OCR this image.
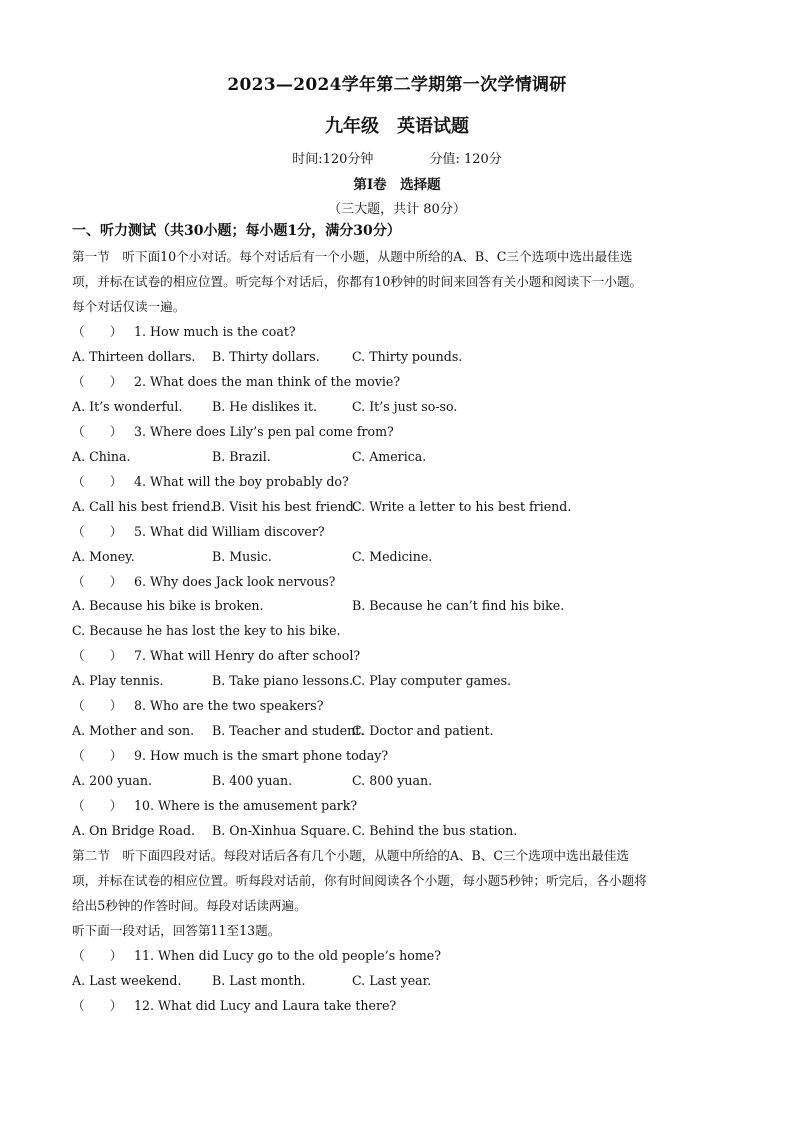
2023—2024学年第二学期第一次学情调研
九年级　英语试题
时间:120分钟	分值: 120分
第Ⅰ卷　选择题
（三大题，共计 80分）
一、听力测试（共30小题；每小题1分，满分30分）
第一节　听下面10个小对话。每个对话后有一个小题，从题中所给的A、B、C三个选项中选出最佳选
项，并标在试卷的相应位置。听完每个对话后，你都有10秒钟的时间来回答有关小题和阅读下一小题。
每个对话仅读一遍。
（　　） 1. How much is the coat?
A. Thirteen dollars. B. Thirty dollars.	C. Thirty pounds.
（　　） 2. What does the man think of the movie?
A. It’s wonderful. B. He dislikes it.	C. It’s just so-so.
（　　） 3. Where does Lily’s pen pal come from?
A. China.	B. Brazil.	C. America.
（　　） 4. What will the boy probably do?
A. Call his best friend.
B. Visit his best friend.
C. Write a letter to his best friend.
（　　） 5. What did William discover?
A. Money.	B. Music.	C. Medicine.
（　　） 6. Why does Jack look nervous?
A. Because his bike is broken.	B. Because he can’t find his bike.
C. Because he has lost the key to his bike.
（　　） 7. What will Henry do after school?
A. Play tennis.	B. Take piano lessons.
C. Play computer games.
（　　） 8. Who are the two speakers?
A. Mother and son. B. Teacher and student.
C. Doctor and patient.
（　　） 9. How much is the smart phone today?
A. 200 yuan.	B. 400 yuan.	C. 800 yuan.
（　　） 10. Where is the amusement park?
A. On Bridge Road. B. On-Xinhua Square. C. Behind the bus station.
第二节　听下面四段对话。每段对话后各有几个小题，从题中所给的A、B、C三个选项中选出最佳选
项，并标在试卷的相应位置。听每段对话前，你有时间阅读各个小题，每小题5秒钟；听完后，各小题将
给出5秒钟的作答时间。每段对话读两遍。
听下面一段对话，回答第11至13题。
（　　） 11. When did Lucy go to the old people’s home?
A. Last weekend. B. Last month.	C. Last year.
（　　） 12. What did Lucy and Laura take there?
